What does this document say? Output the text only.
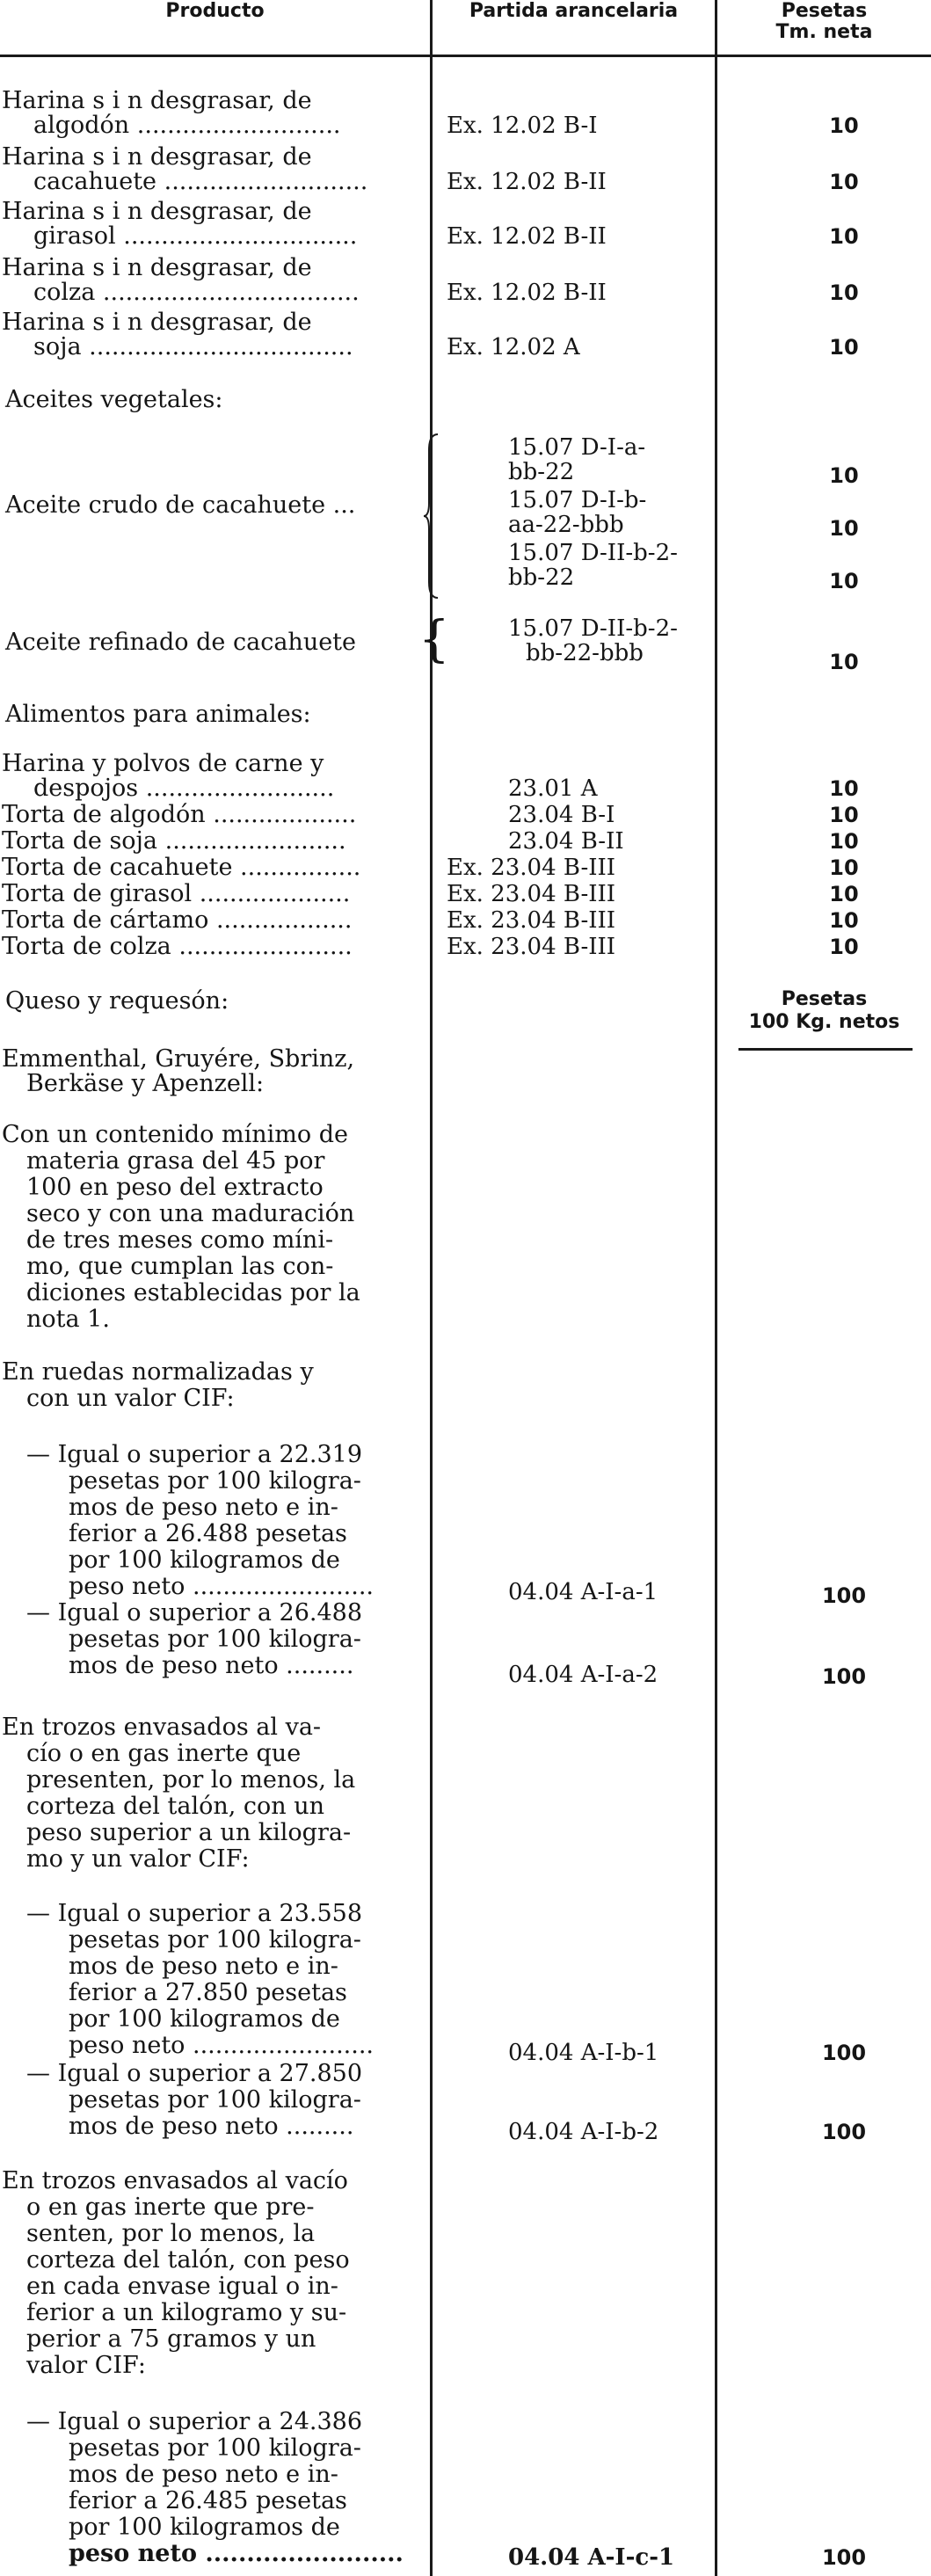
Producto	Partida arancelaria	Pesetas
Tm. neta
Harina s i n desgrasar, de
algodón ...........................	Ex. 12.02 B-I	10
Harina s i n desgrasar, de
cacahuete ...........................	Ex. 12.02 B-II	10
Harina s i n desgrasar, de
girasol ...............................	Ex. 12.02 B-II	10
Harina s i n desgrasar, de
colza ..................................	Ex. 12.02 B-II	10
Harina s i n desgrasar, de
soja ...................................	Ex. 12.02 A	10
Aceites vegetales:
Aceite crudo de cacahuete ...
15.07 D-I-a-
bb-22	10
15.07 D-I-b-
aa-22-bbb	10
15.07 D-II-b-2-
bb-22	10
Aceite refinado de cacahuete {	15.07 D-II-b-2-
bb-22-bbb	10
Alimentos para animales:
Harina y polvos de carne y
despojos .........................	23.01 A	10
Torta de algodón ...................	23.04 B-I	10
Torta de soja ........................	23.04 B-II	10
Torta de cacahuete ................	Ex. 23.04 B-III	10
Torta de girasol ....................	Ex. 23.04 B-III	10
Torta de cártamo ..................	Ex. 23.04 B-III	10
Torta de colza .......................	Ex. 23.04 B-III	10
Queso y requesón:	Pesetas
100 Kg. netos
Emmenthal, Gruyére, Sbrinz,
Berkäse y Apenzell:
Con un contenido mínimo de
materia grasa del 45 por
100 en peso del extracto
seco y con una maduración
de tres meses como míni-
mo, que cumplan las con-
diciones establecidas por la
nota 1.
En ruedas normalizadas y
con un valor CIF:
— Igual o superior a 22.319
pesetas por 100 kilogra-
mos de peso neto e in-
ferior a 26.488 pesetas
por 100 kilogramos de
peso neto ........................	04.04 A-I-a-1	100
— Igual o superior a 26.488
pesetas por 100 kilogra-
mos de peso neto .........	04.04 A-I-a-2	100
En trozos envasados al va-
cío o en gas inerte que
presenten, por lo menos, la
corteza del talón, con un
peso superior a un kilogra-
mo y un valor CIF:
— Igual o superior a 23.558
pesetas por 100 kilogra-
mos de peso neto e in-
ferior a 27.850 pesetas
por 100 kilogramos de
peso neto ........................	04.04 A-I-b-1	100
— Igual o superior a 27.850
pesetas por 100 kilogra-
mos de peso neto .........	04.04 A-I-b-2	100
En trozos envasados al vacío
o en gas inerte que pre-
senten, por lo menos, la
corteza del talón, con peso
en cada envase igual o in-
ferior a un kilogramo y su-
perior a 75 gramos y un
valor CIF:
— Igual o superior a 24.386
pesetas por 100 kilogra-
mos de peso neto e in-
ferior a 26.485 pesetas
por 100 kilogramos de
peso neto ........................	04.04 A-I-c-1	100
